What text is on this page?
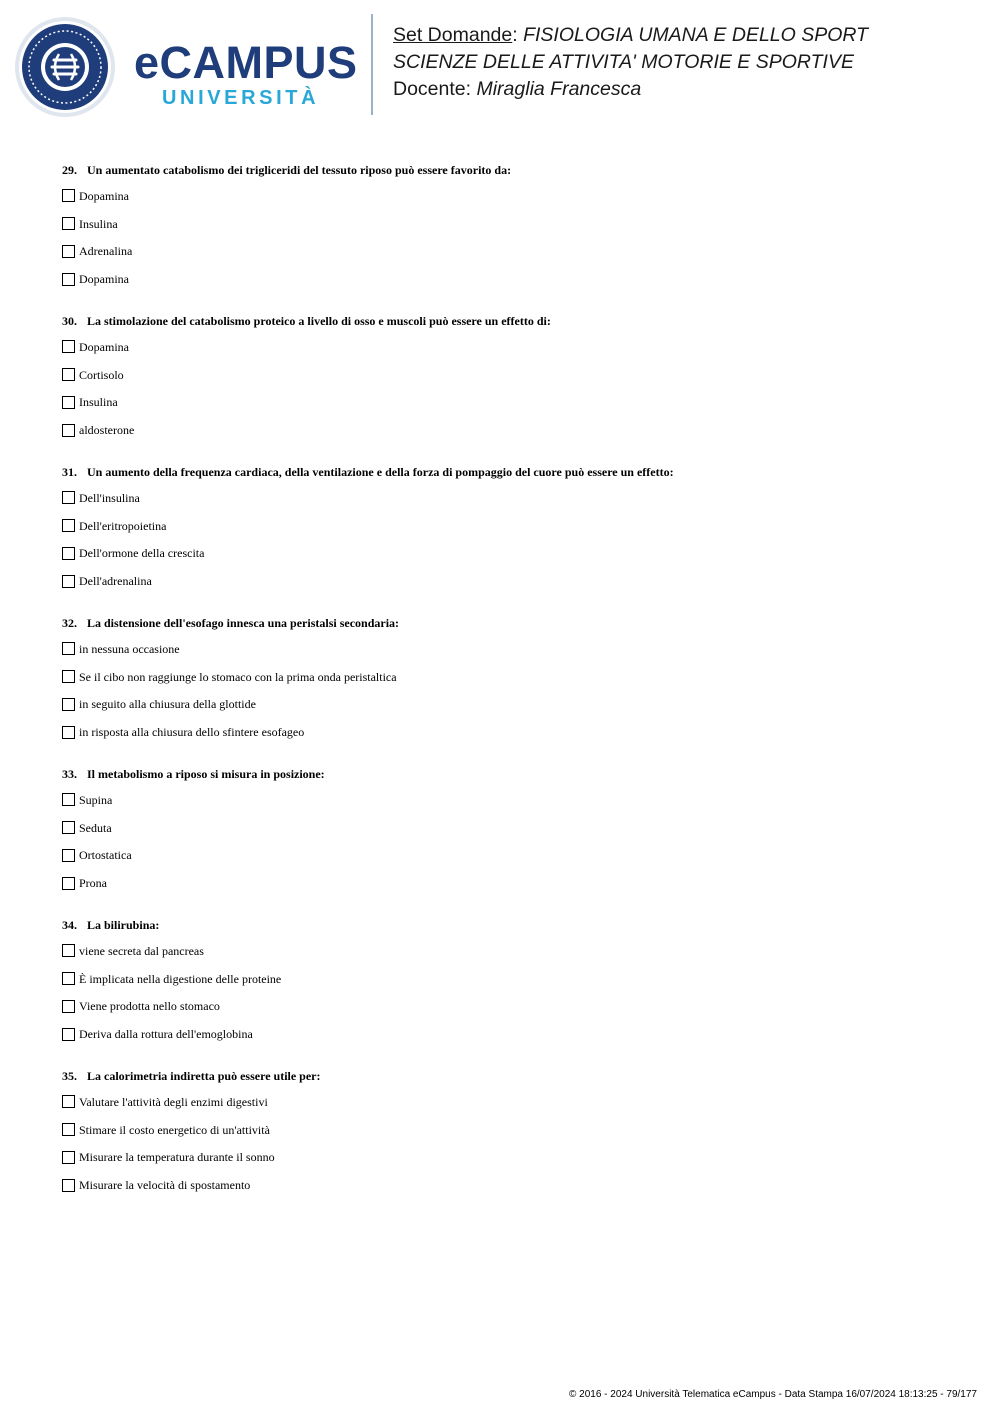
eCAMPUS
UNIVERSITÀ
Set Domande: FISIOLOGIA UMANA E DELLO SPORT
SCIENZE DELLE ATTIVITA' MOTORIE E SPORTIVE
Docente: Miraglia Francesca
29. Un aumentato catabolismo dei trigliceridi del tessuto riposo può essere favorito da:
Dopamina
Insulina
Adrenalina
Dopamina
30. La stimolazione del catabolismo proteico a livello di osso e muscoli può essere un effetto di:
Dopamina
Cortisolo
Insulina
aldosterone
31. Un aumento della frequenza cardiaca, della ventilazione e della forza di pompaggio del cuore può essere un effetto:
Dell'insulina
Dell'eritropoietina
Dell'ormone della crescita
Dell'adrenalina
32. La distensione dell'esofago innesca una peristalsi secondaria:
in nessuna occasione
Se il cibo non raggiunge lo stomaco con la prima onda peristaltica
in seguito alla chiusura della glottide
in risposta alla chiusura dello sfintere esofageo
33. Il metabolismo a riposo si misura in posizione:
Supina
Seduta
Ortostatica
Prona
34. La bilirubina:
viene secreta dal pancreas
È implicata nella digestione delle proteine
Viene prodotta nello stomaco
Deriva dalla rottura dell'emoglobina
35. La calorimetria indiretta può essere utile per:
Valutare l'attività degli enzimi digestivi
Stimare il costo energetico di un'attività
Misurare la temperatura durante il sonno
Misurare la velocità di spostamento
© 2016 - 2024 Università Telematica eCampus - Data Stampa 16/07/2024 18:13:25 - 79/177
